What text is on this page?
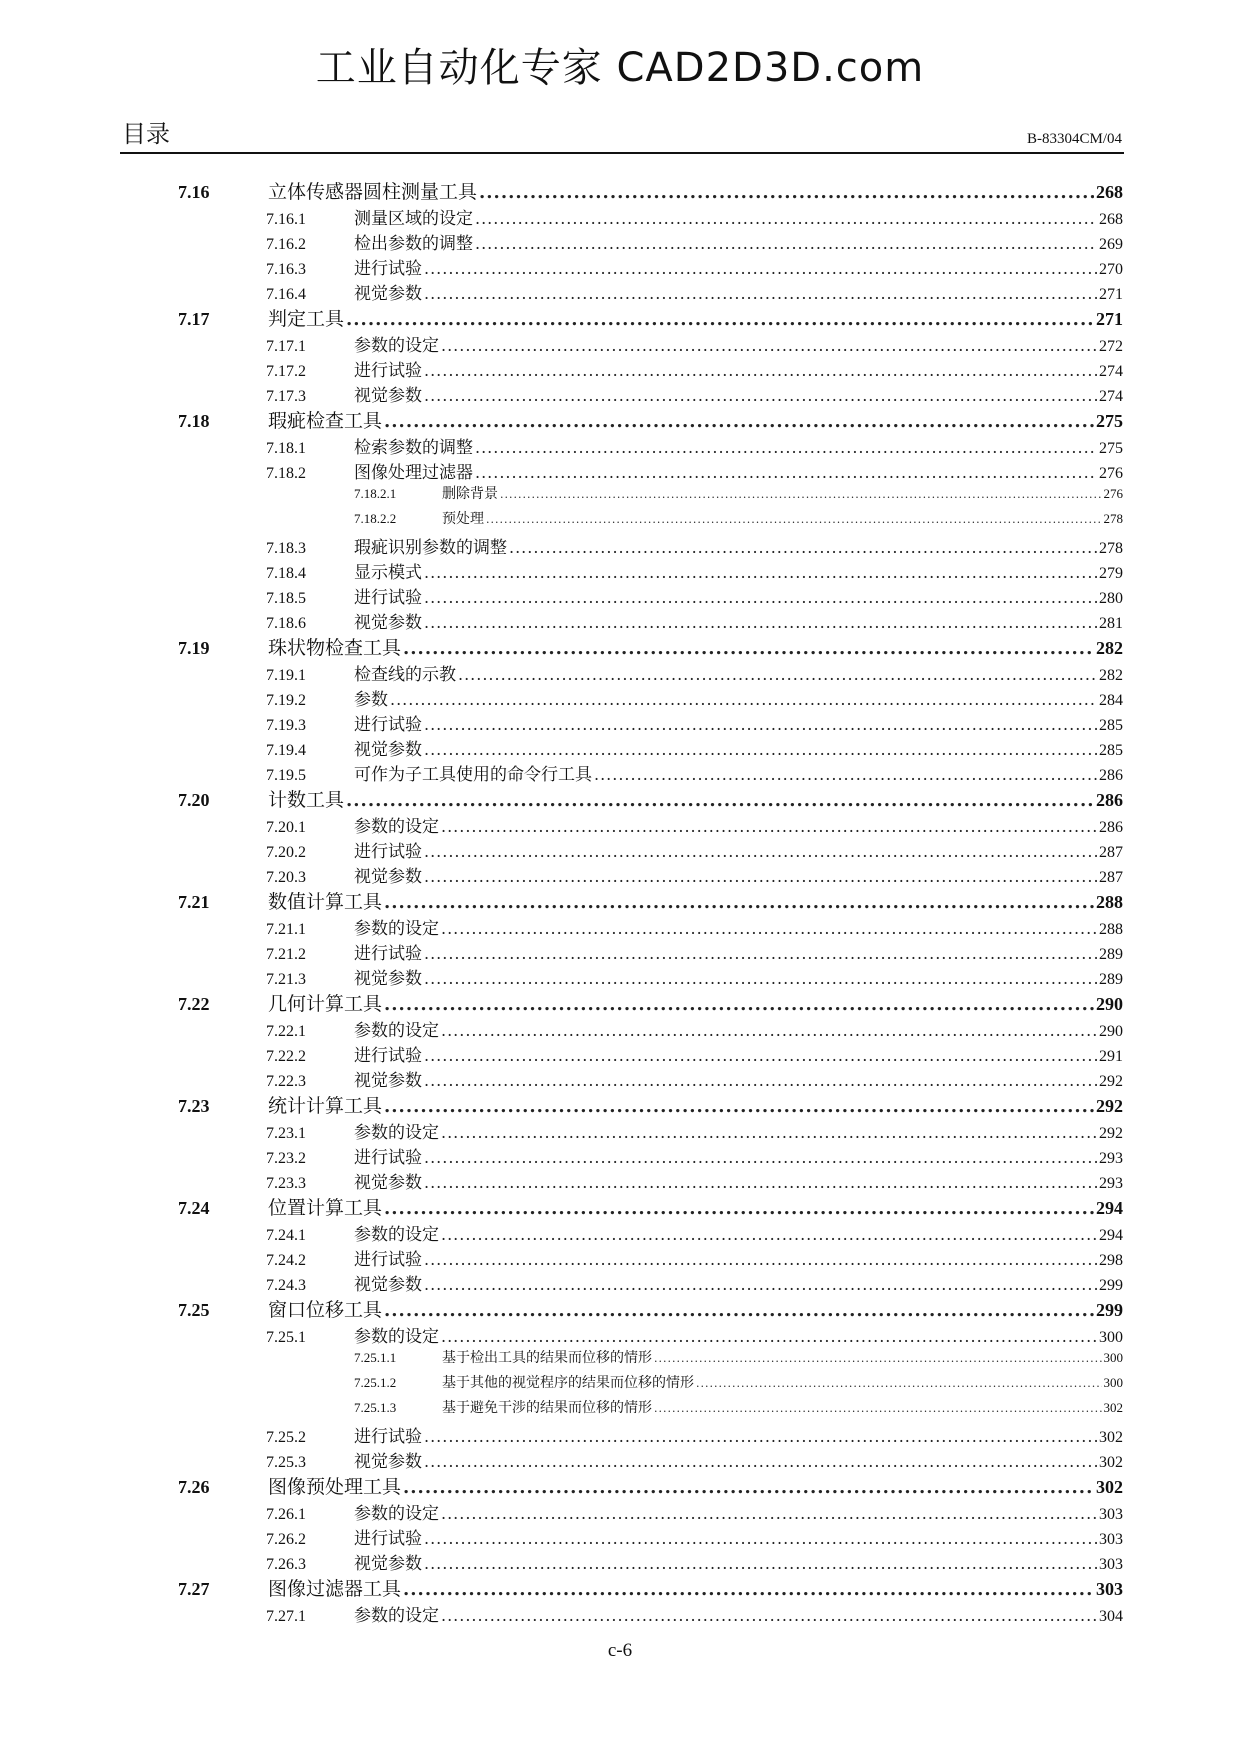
工业自动化专家 CAD2D3D.com
目录	B-83304CM/04
7.16	立体传感器圆柱测量工具 .....	268
7.16.1	测量区域的设定 .....	268
7.16.2	检出参数的调整 .....	269
7.16.3	进行试验 .....	270
7.16.4	视觉参数 .....	271
7.17	判定工具 .....	271
7.17.1	参数的设定 .....	272
7.17.2	进行试验 .....	274
7.17.3	视觉参数 .....	274
7.18	瑕疵检查工具 .....	275
7.18.1	检索参数的调整 .....	275
7.18.2	图像处理过滤器 .....	276
7.18.2.1	删除背景 .....	276
7.18.2.2	预处理 .....	278
7.18.3	瑕疵识别参数的调整 .....	278
7.18.4	显示模式 .....	279
7.18.5	进行试验 .....	280
7.18.6	视觉参数 .....	281
7.19	珠状物检查工具 .....	282
7.19.1	检查线的示教 .....	282
7.19.2	参数 .....	284
7.19.3	进行试验 .....	285
7.19.4	视觉参数 .....	285
7.19.5	可作为子工具使用的命令行工具 .....	286
7.20	计数工具 .....	286
7.20.1	参数的设定 .....	286
7.20.2	进行试验 .....	287
7.20.3	视觉参数 .....	287
7.21	数值计算工具 .....	288
7.21.1	参数的设定 .....	288
7.21.2	进行试验 .....	289
7.21.3	视觉参数 .....	289
7.22	几何计算工具 .....	290
7.22.1	参数的设定 .....	290
7.22.2	进行试验 .....	291
7.22.3	视觉参数 .....	292
7.23	统计计算工具 .....	292
7.23.1	参数的设定 .....	292
7.23.2	进行试验 .....	293
7.23.3	视觉参数 .....	293
7.24	位置计算工具 .....	294
7.24.1	参数的设定 .....	294
7.24.2	进行试验 .....	298
7.24.3	视觉参数 .....	299
7.25	窗口位移工具 .....	299
7.25.1	参数的设定 .....	300
7.25.1.1	基于检出工具的结果而位移的情形 .....	300
7.25.1.2	基于其他的视觉程序的结果而位移的情形 .....	300
7.25.1.3	基于避免干涉的结果而位移的情形 .....	302
7.25.2	进行试验 .....	302
7.25.3	视觉参数 .....	302
7.26	图像预处理工具 .....	302
7.26.1	参数的设定 .....	303
7.26.2	进行试验 .....	303
7.26.3	视觉参数 .....	303
7.27	图像过滤器工具 .....	303
7.27.1	参数的设定 .....	304
c-6
